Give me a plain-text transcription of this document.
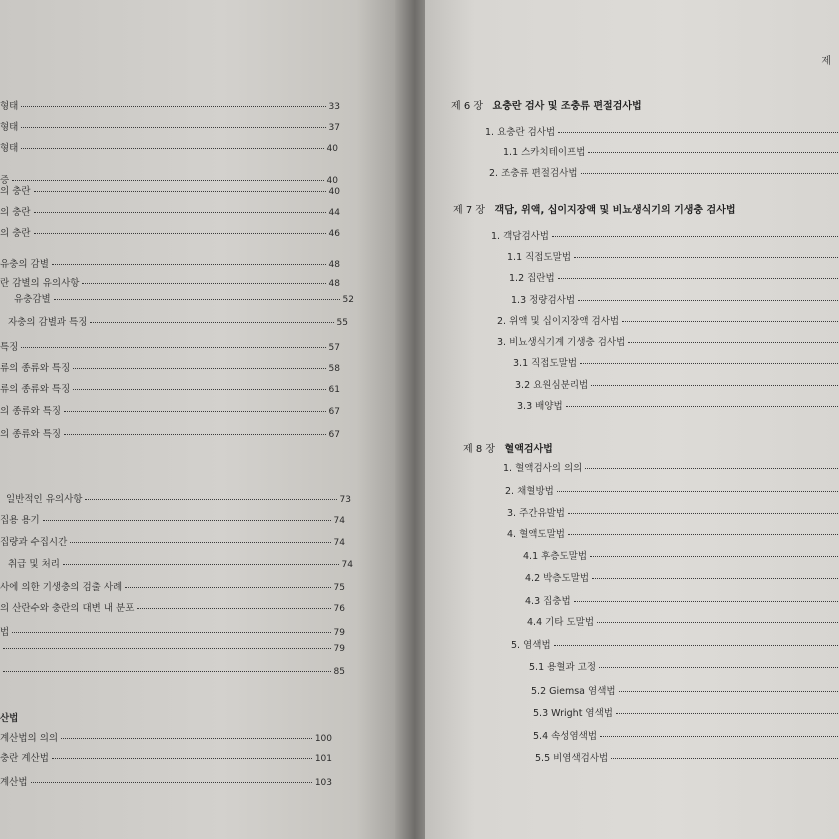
형태	33
형태	37
형태	40
증	40
의 충란	40
의 충란	44
의 충란	46
유충의 감별	48
란 감별의 유의사항	48
유충감별	52
자충의 감별과 특징	55
특징	57
류의 종류와 특징	58
류의 종류와 특징	61
의 종류와 특징	67
의 종류와 특징	67
일반적인 유의사항	73
집용 용기	74
집량과 수집시간	74
취급 및 처리	74
사에 의한 기생충의 검출 사례	75
의 산란수와 충란의 대변 내 분포	76
법	79
79
85
산법
계산법의 의의	100
충란 계산법	101
계산법	103
제
제 6 장 요충란 검사 및 조충류 편절검사법
제 7 장 객담, 위액, 십이지장액 및 비뇨생식기의 기생충 검사법
제 8 장 혈액검사법
1. 요충란 검사법
1.1 스카치테이프법
2. 조충류 편절검사법
1. 객담검사법
1.1 직접도말법
1.2 집란법
1.3 정량검사법
2. 위액 및 십이지장액 검사법
3. 비뇨생식기계 기생충 검사법
3.1 직접도말법
3.2 요원심분리법
3.3 배양법
1. 혈액검사의 의의
2. 채혈방법
3. 주간유발법
4. 혈액도말법
4.1 후층도말법
4.2 박층도말법
4.3 집충법
4.4 기타 도말법
5. 염색법
5.1 용혈과 고정
5.2 Giemsa 염색법
5.3 Wright 염색법
5.4 속성염색법
5.5 비염색검사법
